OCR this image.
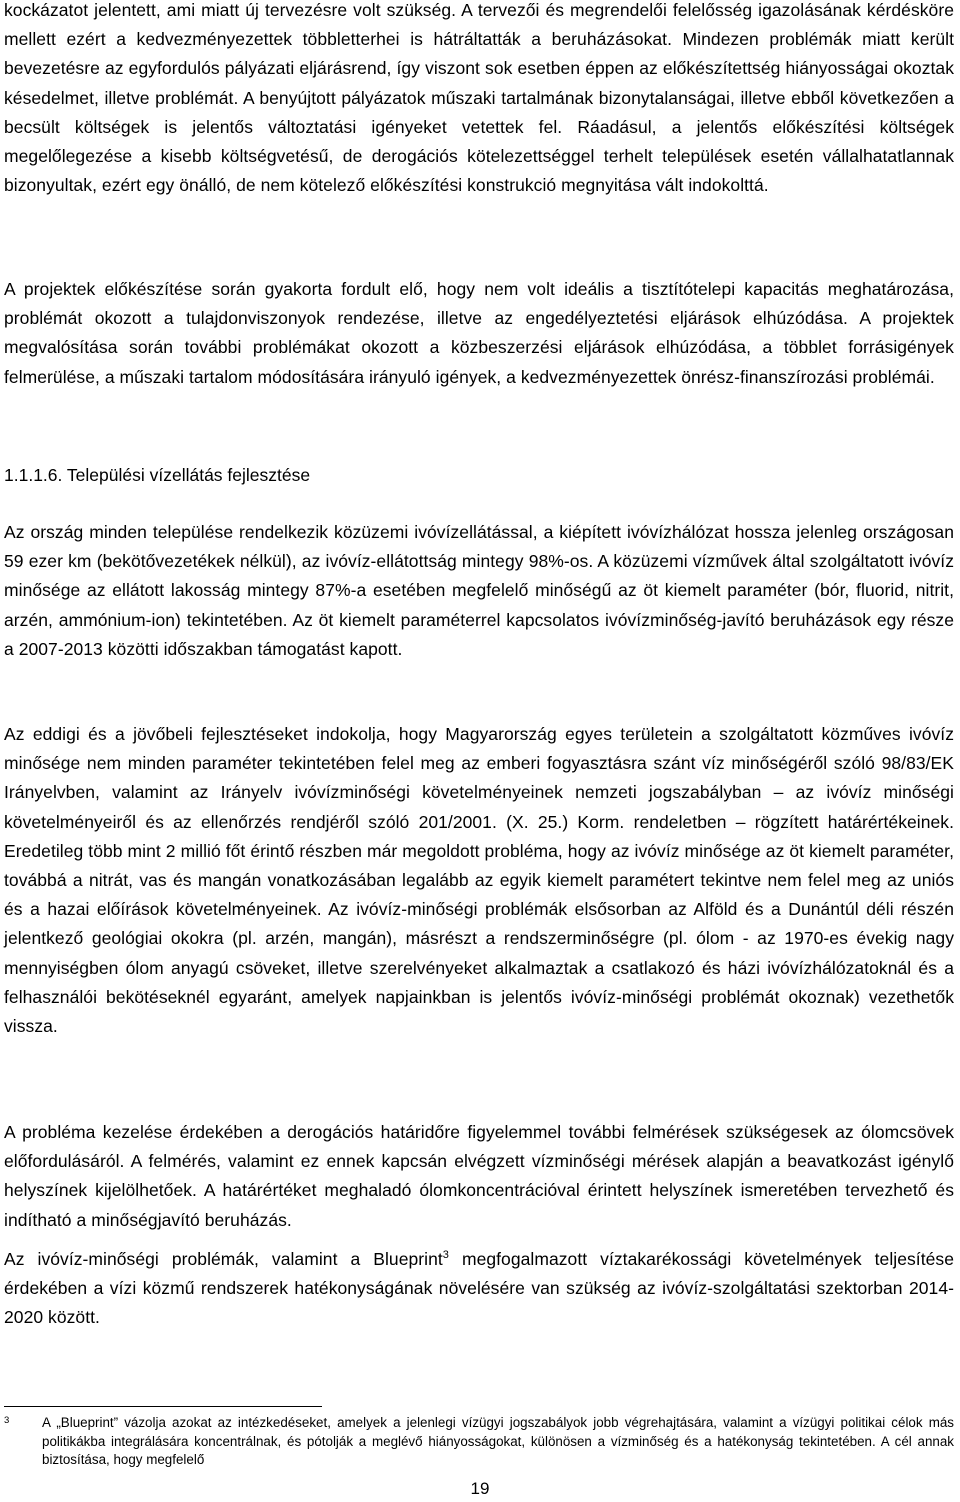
kockázatot jelentett, ami miatt új tervezésre volt szükség. A tervezői és megrendelői felelősség igazolásának kérdésköre mellett ezért a kedvezményezettek többletterhei is hátráltatták a beruházásokat. Mindezen problémák miatt került bevezetésre az egyfordulós pályázati eljárásrend, így viszont sok esetben éppen az előkészítettség hiányosságai okoztak késedelmet, illetve problémát. A benyújtott pályázatok műszaki tartalmának bizonytalanságai, illetve ebből következően a becsült költségek is jelentős változtatási igényeket vetettek fel. Ráadásul, a jelentős előkészítési költségek megelőlegezése a kisebb költségvetésű, de derogációs kötelezettséggel terhelt települések esetén vállalhatatlannak bizonyultak, ezért egy önálló, de nem kötelező előkészítési konstrukció megnyitása vált indokolttá.

A projektek előkészítése során gyakorta fordult elő, hogy nem volt ideális a tisztítótelepi kapacitás meghatározása, problémát okozott a tulajdonviszonyok rendezése, illetve az engedélyeztetési eljárások elhúzódása. A projektek megvalósítása során további problémákat okozott a közbeszerzési eljárások elhúzódása, a többlet forrásigények felmerülése, a műszaki tartalom módosítására irányuló igények, a kedvezményezettek önrész-finanszírozási problémái.

1.1.1.6. Települési vízellátás fejlesztése

Az ország minden települése rendelkezik közüzemi ivóvízellátással, a kiépített ivóvízhálózat hossza jelenleg országosan 59 ezer km (bekötővezetékek nélkül), az ivóvíz-ellátottság mintegy 98%-os. A közüzemi vízművek által szolgáltatott ivóvíz minősége az ellátott lakosság mintegy 87%-a esetében megfelelő minőségű az öt kiemelt paraméter (bór, fluorid, nitrit, arzén, ammónium-ion) tekintetében. Az öt kiemelt paraméterrel kapcsolatos ivóvízminőség-javító beruházások egy része a 2007-2013 közötti időszakban támogatást kapott.

Az eddigi és a jövőbeli fejlesztéseket indokolja, hogy Magyarország egyes területein a szolgáltatott közműves ivóvíz minősége nem minden paraméter tekintetében felel meg az emberi fogyasztásra szánt víz minőségéről szóló 98/83/EK Irányelvben, valamint az Irányelv ivóvízminőségi követelményeinek nemzeti jogszabályban – az ivóvíz minőségi követelményeiről és az ellenőrzés rendjéről szóló 201/2001. (X. 25.) Korm. rendeletben – rögzített határértékeinek. Eredetileg több mint 2 millió főt érintő részben már megoldott probléma, hogy az ivóvíz minősége az öt kiemelt paraméter, továbbá a nitrát, vas és mangán vonatkozásában legalább az egyik kiemelt paramétert tekintve nem felel meg az uniós és a hazai előírások követelményeinek. Az ivóvíz-minőségi problémák elsősorban az Alföld és a Dunántúl déli részén jelentkező geológiai okokra (pl. arzén, mangán), másrészt a rendszerminőségre (pl. ólom - az 1970-es évekig nagy mennyiségben ólom anyagú csöveket, illetve szerelvényeket alkalmaztak a csatlakozó és házi ivóvízhálózatoknál és a felhasználói bekötéseknél egyaránt, amelyek napjainkban is jelentős ivóvíz-minőségi problémát okoznak) vezethetők vissza.

A probléma kezelése érdekében a derogációs határidőre figyelemmel további felmérések szükségesek az ólomcsövek előfordulásáról. A felmérés, valamint ez ennek kapcsán elvégzett vízminőségi mérések alapján a beavatkozást igénylő helyszínek kijelölhetőek. A határértéket meghaladó ólomkoncentrációval érintett helyszínek ismeretében tervezhető és indítható a minőségjavító beruházás.

Az ivóvíz-minőségi problémák, valamint a Blueprint$^3$ megfogalmazott víztakarékossági követelmények teljesítése érdekében a vízi közmű rendszerek hatékonyságának növelésére van szükség az ivóvíz-szolgáltatási szektorban 2014-2020 között.

3 A „Blueprint” vázolja azokat az intézkedéseket, amelyek a jelenlegi vízügyi jogszabályok jobb végrehajtására, valamint a vízügyi politikai célok más politikákba integrálására koncentrálnak, és pótolják a meglévő hiányosságokat, különösen a vízminőség és a hatékonyság tekintetében. A cél annak biztosítása, hogy megfelelő
19
